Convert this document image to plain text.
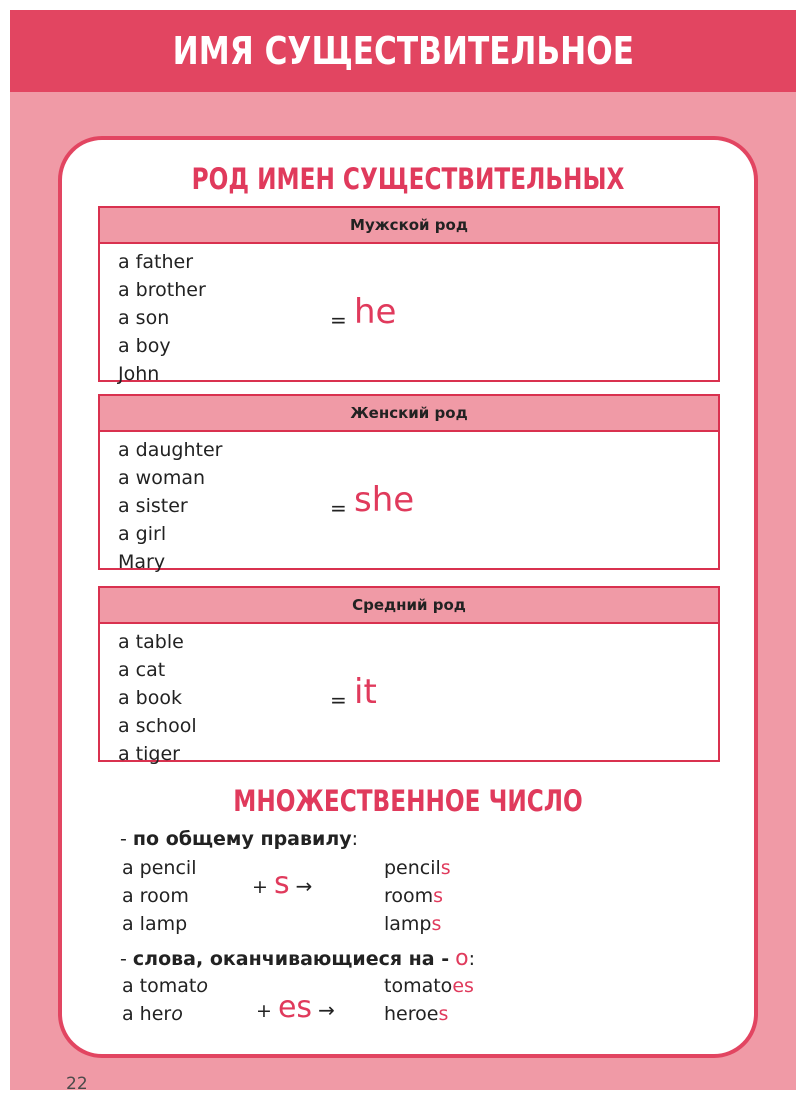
ИМЯ СУЩЕСТВИТЕЛЬНОЕ
РОД ИМЕН СУЩЕСТВИТЕЛЬНЫХ
Мужской род
a father
a brother
a son
a boy
John
= he
Женский род
a daughter
a woman
a sister
a girl
Mary
= she
Средний род
a table
a cat
a book
a school
a tiger
= it
МНОЖЕСТВЕННОЕ ЧИСЛО
- по общему правилу:
a pencil
a room
a lamp
+ s →
pencils
rooms
lamps
- слова, оканчивающиеся на - o:
a tomato
a hero	+ es →
tomatoes
heroes
22
